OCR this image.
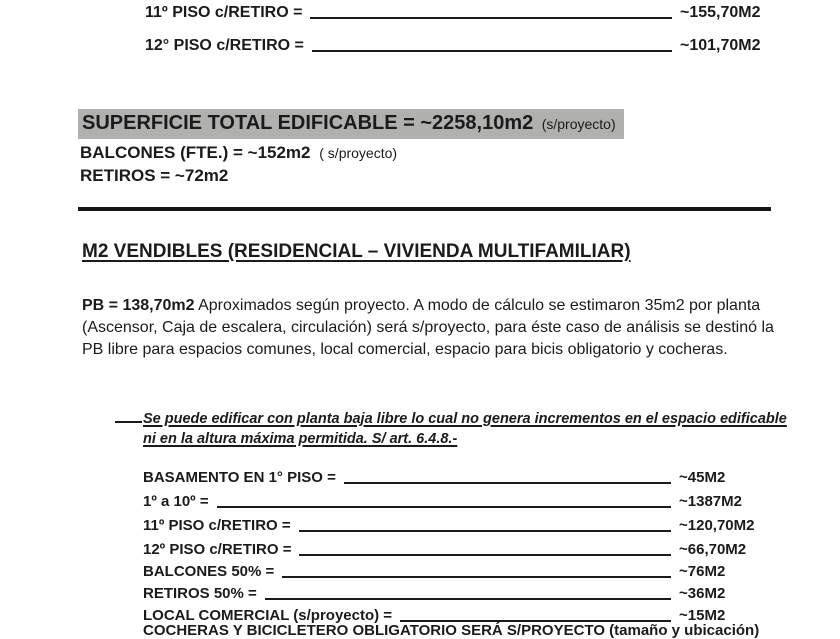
11º PISO c/RETIRO =	~155,70M2
12° PISO c/RETIRO =	~101,70M2
SUPERFICIE TOTAL EDIFICABLE = ~2258,10m2 (s/proyecto)
BALCONES (FTE.) = ~152m2 ( s/proyecto)
RETIROS = ~72m2
M2 VENDIBLES (RESIDENCIAL – VIVIENDA MULTIFAMILIAR)
PB = 138,70m2 Aproximados según proyecto. A modo de cálculo se estimaron 35m2 por planta (Ascensor, Caja de escalera, circulación) será s/proyecto, para éste caso de análisis se destinó la PB libre para espacios comunes, local comercial, espacio para bicis obligatorio y cocheras.
Se puede edificar con planta baja libre lo cual no genera incrementos en el espacio edificable
ni en la altura máxima permitida. S/ art. 6.4.8.-
BASAMENTO EN 1° PISO =	~45M2
1º a 10º =	~1387M2
11º PISO c/RETIRO =	~120,70M2
12º PISO c/RETIRO =	~66,70M2
BALCONES 50% =	~76M2
RETIROS 50% =	~36M2
LOCAL COMERCIAL (s/proyecto) =	~15M2
COCHERAS Y BICICLETERO OBLIGATORIO SERÁ S/PROYECTO (tamaño y ubicación)
